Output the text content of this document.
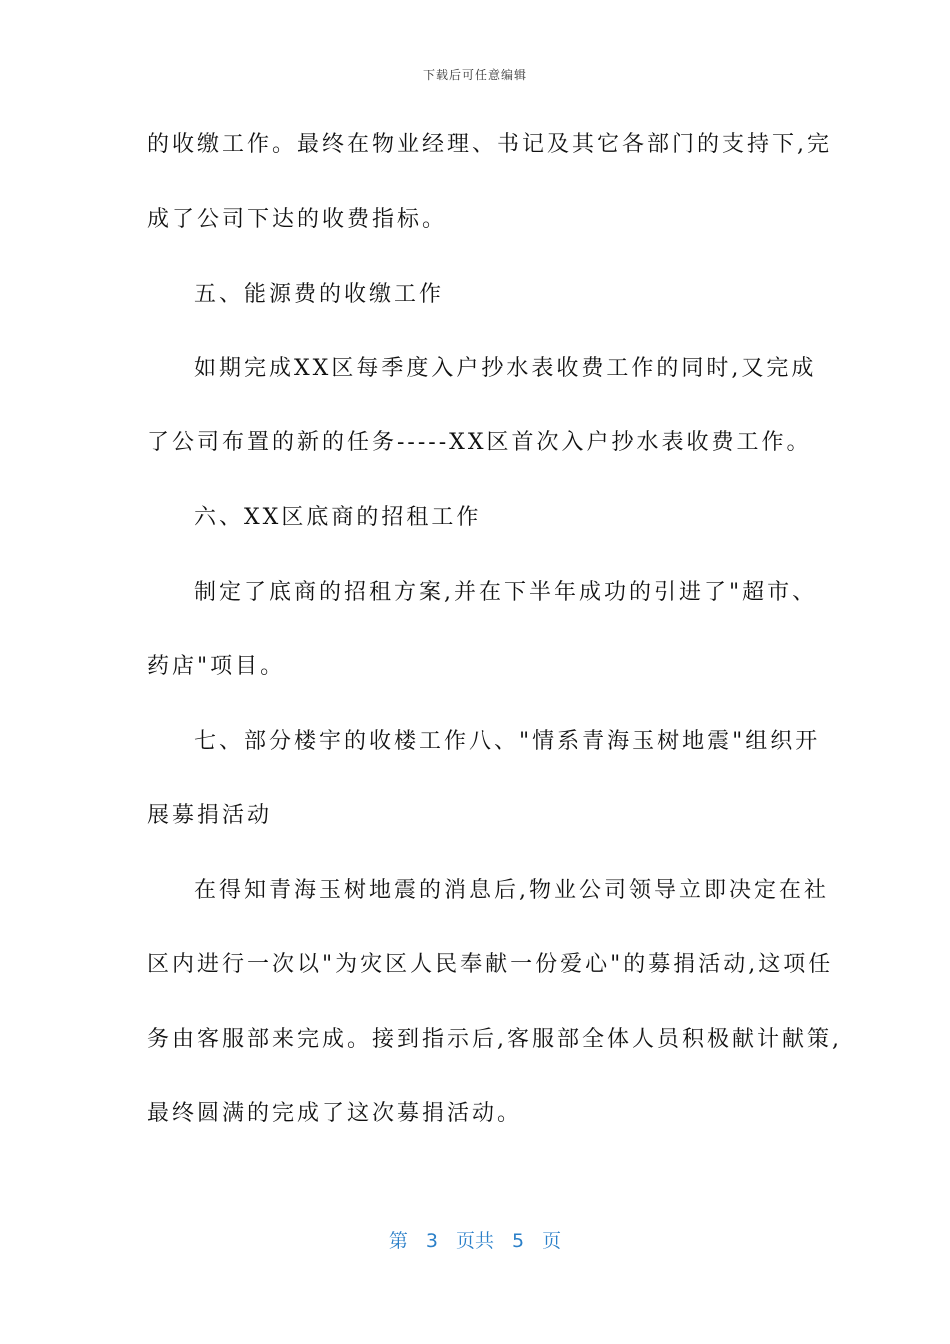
下载后可任意编辑
的收缴工作。最终在物业经理、书记及其它各部门的支持下,完
成了公司下达的收费指标。
五、能源费的收缴工作
如期完成XX区每季度入户抄水表收费工作的同时,又完成
了公司布置的新的任务-----XX区首次入户抄水表收费工作。
六、XX区底商的招租工作
制定了底商的招租方案,并在下半年成功的引进了"超市、
药店"项目。
七、部分楼宇的收楼工作八、"情系青海玉树地震"组织开
展募捐活动
在得知青海玉树地震的消息后,物业公司领导立即决定在社
区内进行一次以"为灾区人民奉献一份爱心"的募捐活动,这项任
务由客服部来完成。接到指示后,客服部全体人员积极献计献策,
最终圆满的完成了这次募捐活动。
第 3 页共 5 页
